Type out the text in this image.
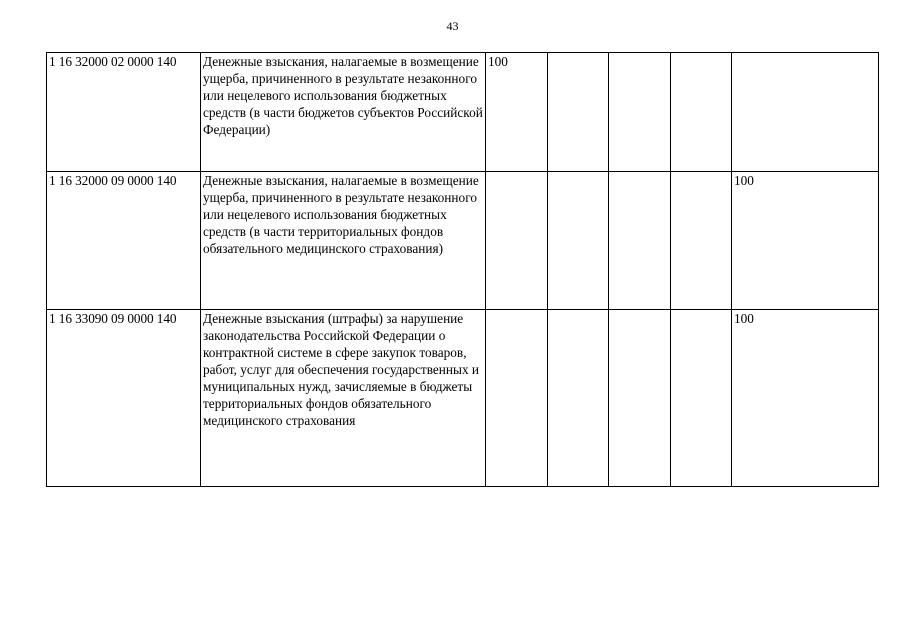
43
1 16 32000 02 0000 140	Денежные взыскания, налагаемые в возмещение ущерба, причиненного в результате незаконного или нецелевого использования бюджетных средств (в части бюджетов субъектов Российской Федерации)	100				
1 16 32000 09 0000 140	Денежные взыскания, налагаемые в возмещение ущерба, причиненного в результате незаконного или нецелевого использования бюджетных средств (в части территориальных фондов обязательного медицинского страхования)					100
1 16 33090 09 0000 140	Денежные взыскания (штрафы) за нарушение законодательства Российской Федерации о контрактной системе в сфере закупок товаров, работ, услуг для обеспечения государственных и муниципальных нужд, зачисляемые в бюджеты территориальных фондов обязательного медицинского страхования					100
